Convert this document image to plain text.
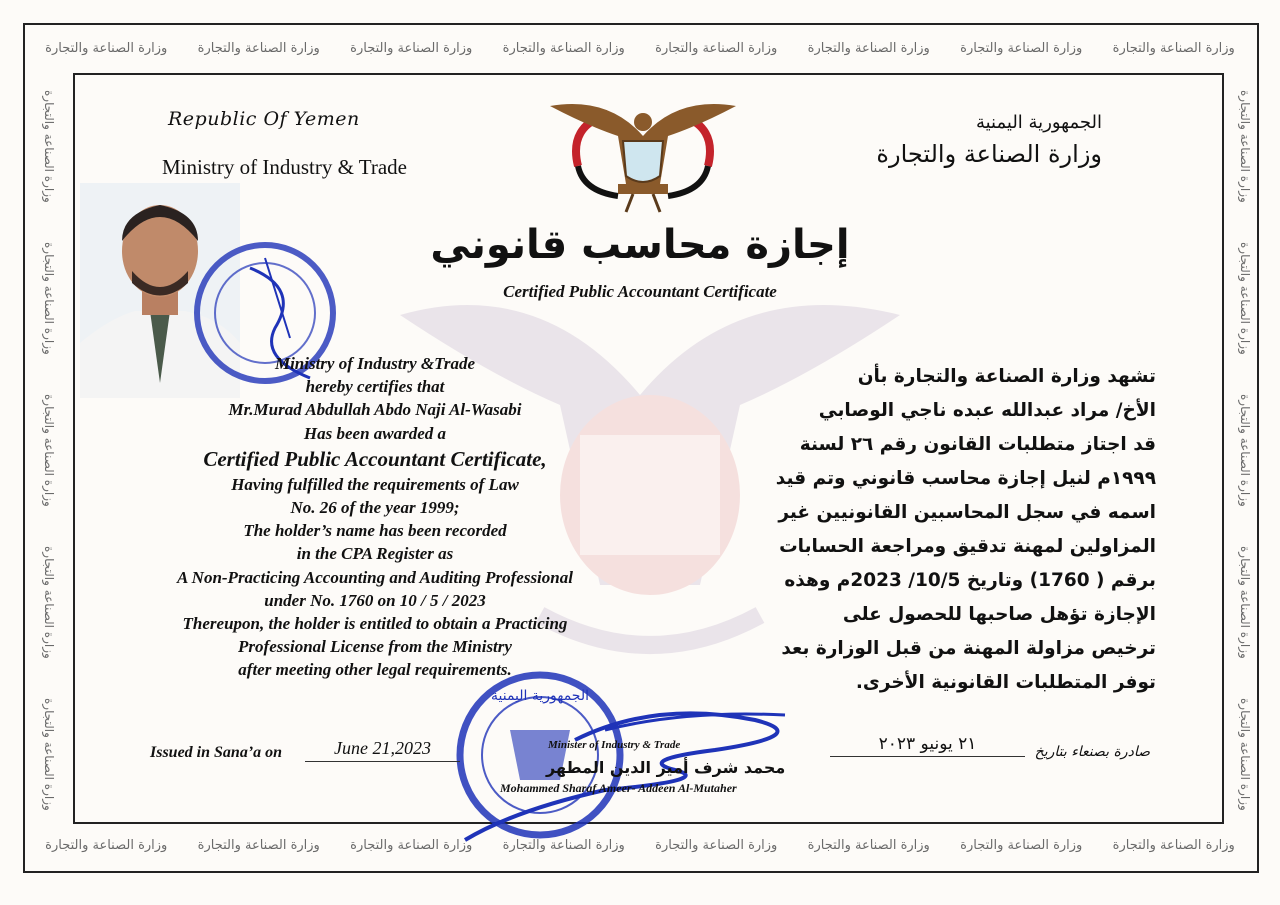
وزارة الصناعة والتجارة	وزارة الصناعة والتجارة	وزارة الصناعة والتجارة	وزارة الصناعة والتجارة	وزارة الصناعة والتجارة	وزارة الصناعة والتجارة	وزارة الصناعة والتجارة	وزارة الصناعة والتجارة
وزارة الصناعة والتجارة	وزارة الصناعة والتجارة	وزارة الصناعة والتجارة	وزارة الصناعة والتجارة	وزارة الصناعة والتجارة	وزارة الصناعة والتجارة	وزارة الصناعة والتجارة	وزارة الصناعة والتجارة
وزارة الصناعة والتجارة
وزارة الصناعة والتجارة
وزارة الصناعة والتجارة
وزارة الصناعة والتجارة
وزارة الصناعة والتجارة
وزارة الصناعة والتجارة
وزارة الصناعة والتجارة
وزارة الصناعة والتجارة
وزارة الصناعة والتجارة
وزارة الصناعة والتجارة
Republic Of Yemen
Ministry of Industry & Trade
الجمهورية اليمنية
وزارة الصناعة والتجارة
إجازة محاسب قانوني
Certified Public Accountant Certificate
Ministry of Industry &Trade
hereby certifies that
Mr.Murad Abdullah Abdo Naji Al-Wasabi
Has been awarded a
Certified Public Accountant Certificate,
Having fulfilled the requirements of Law
No. 26 of the year 1999;
The holder’s name has been recorded
in the CPA Register as
A Non-Practicing Accounting and Auditing Professional
under No. 1760 on 10 / 5 / 2023
Thereupon, the holder is entitled to obtain a Practicing
Professional License from the Ministry
after meeting other legal requirements.
تشهد وزارة الصناعة والتجارة بأن
الأخ/ مراد عبدالله عبده ناجي الوصابي
قد اجتاز متطلبات القانون رقم ٢٦ لسنة
١٩٩٩م لنيل إجازة محاسب قانوني وتم قيد
اسمه في سجل المحاسبين القانونيين غير
المزاولين لمهنة تدقيق ومراجعة الحسابات
برقم ( 1760) وتاريخ 10/5/ 2023م وهذه
الإجازة تؤهل صاحبها للحصول على
ترخيص مزاولة المهنة من قبل الوزارة بعد
توفر المتطلبات القانونية الأخرى.
الجمهورية اليمنية
Minister of Industry & Trade
محمد شرف أمير الدين المطهر
Mohammed Sharaf Ameer- Addeen Al-Mutaher
Issued in Sana’a on	June 21,2023	٢١ يونيو ٢٠٢٣	صادرة بصنعاء بتاريخ
